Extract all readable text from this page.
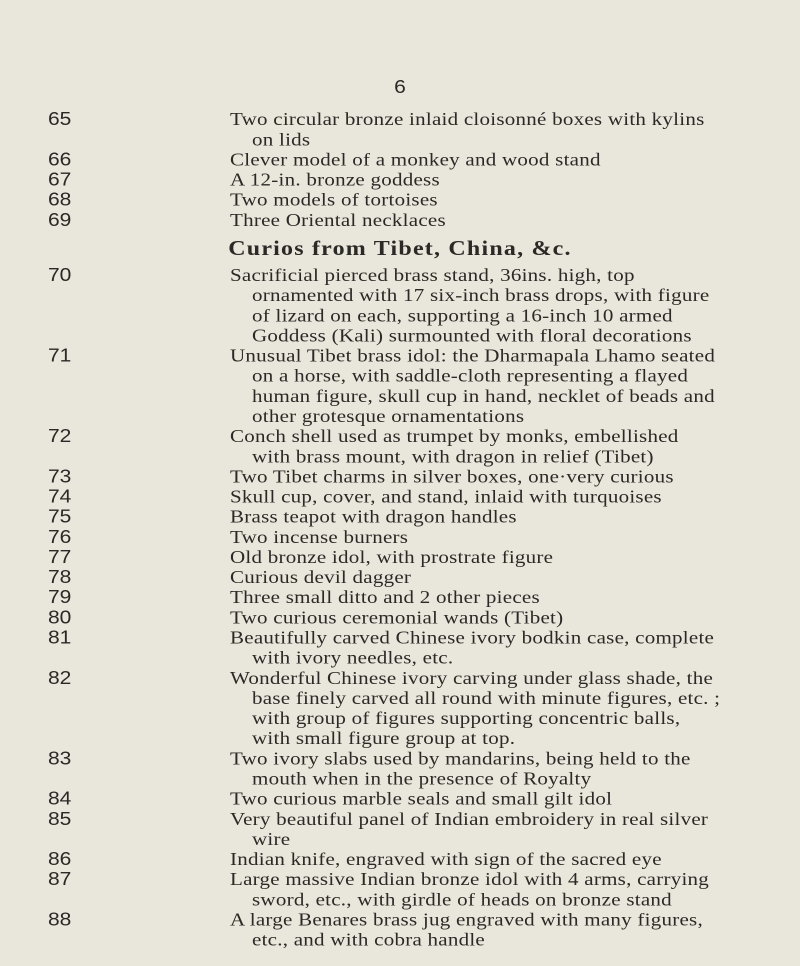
6
65	Two circular bronze inlaid cloisonné boxes with kylins on lids
66	Clever model of a monkey and wood stand
67	A 12-in. bronze goddess
68	Two models of tortoises
69	Three Oriental necklaces
Curios from Tibet, China, &c.
70	Sacrificial pierced brass stand, 36ins. high, top ornamented with 17 six-inch brass drops, with figure of lizard on each, supporting a 16-inch 10 armed Goddess (Kali) surmounted with floral decorations
71	Unusual Tibet brass idol: the Dharmapala Lhamo seated on a horse, with saddle-cloth representing a flayed human figure, skull cup in hand, necklet of beads and other grotesque ornamentations
72	Conch shell used as trumpet by monks, embellished with brass mount, with dragon in relief (Tibet)
73	Two Tibet charms in silver boxes, one·very curious
74	Skull cup, cover, and stand, inlaid with turquoises
75	Brass teapot with dragon handles
76	Two incense burners
77	Old bronze idol, with prostrate figure
78	Curious devil dagger
79	Three small ditto and 2 other pieces
80	Two curious ceremonial wands (Tibet)
81	Beautifully carved Chinese ivory bodkin case, complete with ivory needles, etc.
82	Wonderful Chinese ivory carving under glass shade, the base finely carved all round with minute figures, etc. ; with group of figures supporting concentric balls, with small figure group at top.
83	Two ivory slabs used by mandarins, being held to the mouth when in the presence of Royalty
84	Two curious marble seals and small gilt idol
85	Very beautiful panel of Indian embroidery in real silver wire
86	Indian knife, engraved with sign of the sacred eye
87	Large massive Indian bronze idol with 4 arms, carrying sword, etc., with girdle of heads on bronze stand
88	A large Benares brass jug engraved with many figures, etc., and with cobra handle
